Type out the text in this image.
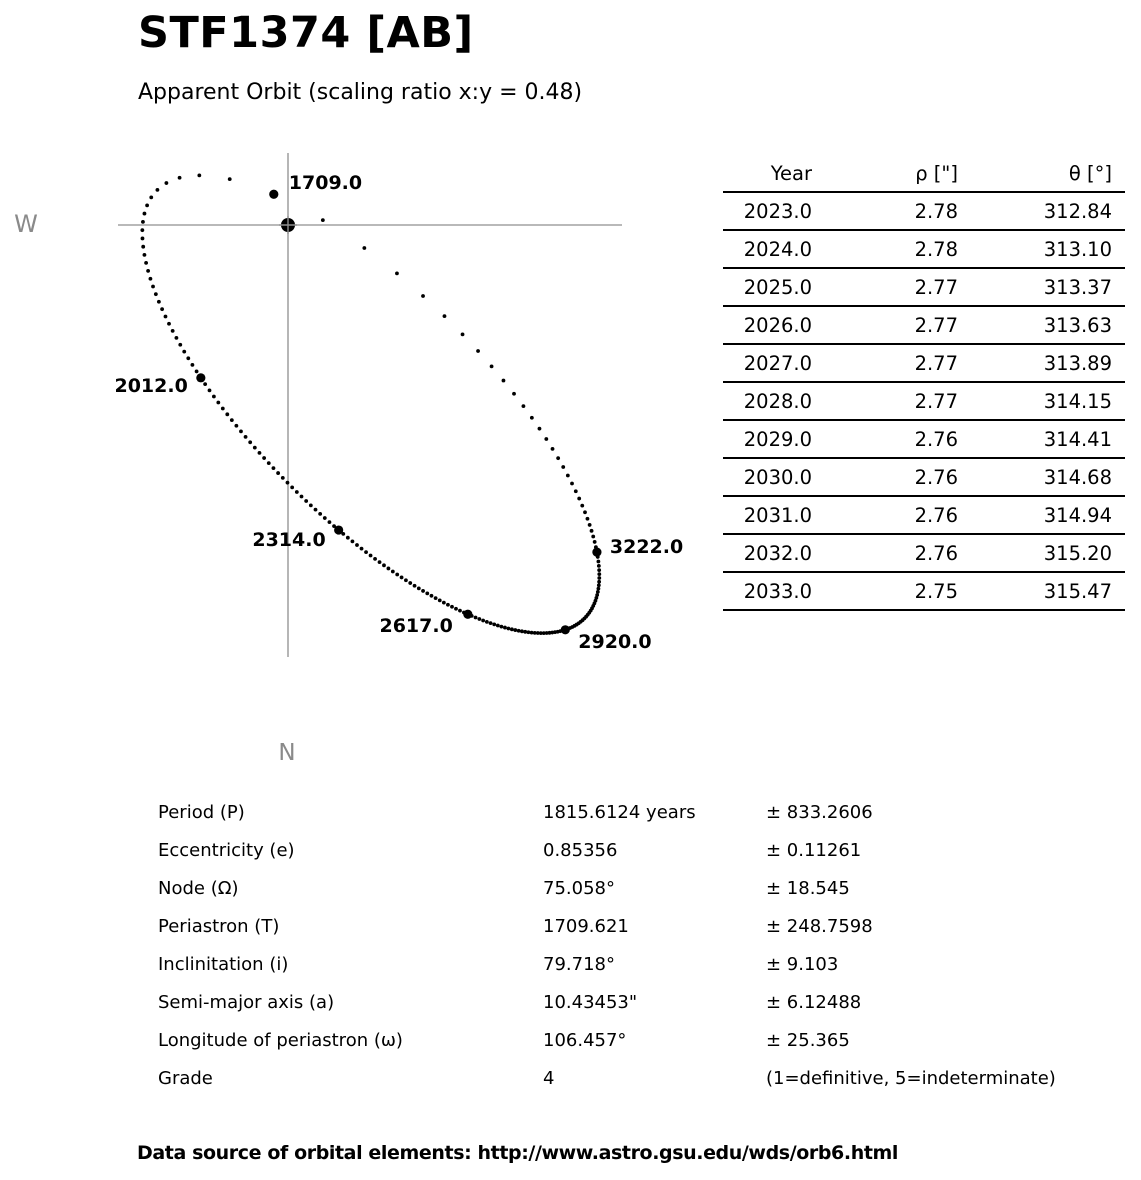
STF1374 [AB]
Apparent Orbit (scaling ratio x:y = 0.48)
W
N
1709.0
2012.0
2314.0
2617.0
2920.0
3222.0
Year	ρ ["]	θ [°]
2023.0	2.78	312.84
2024.0	2.78	313.10
2025.0	2.77	313.37
2026.0	2.77	313.63
2027.0	2.77	313.89
2028.0	2.77	314.15
2029.0	2.76	314.41
2030.0	2.76	314.68
2031.0	2.76	314.94
2032.0	2.76	315.20
2033.0	2.75	315.47
Period (P)	1815.6124 years	± 833.2606
Eccentricity (e)	0.85356	± 0.11261
Node (Ω)	75.058°	± 18.545
Periastron (T)	1709.621	± 248.7598
Inclinitation (i)	79.718°	± 9.103
Semi-major axis (a)	10.43453"	± 6.12488
Longitude of periastron (ω)	106.457°	± 25.365
Grade	4	(1=definitive, 5=indeterminate)
Data source of orbital elements: http://www.astro.gsu.edu/wds/orb6.html
